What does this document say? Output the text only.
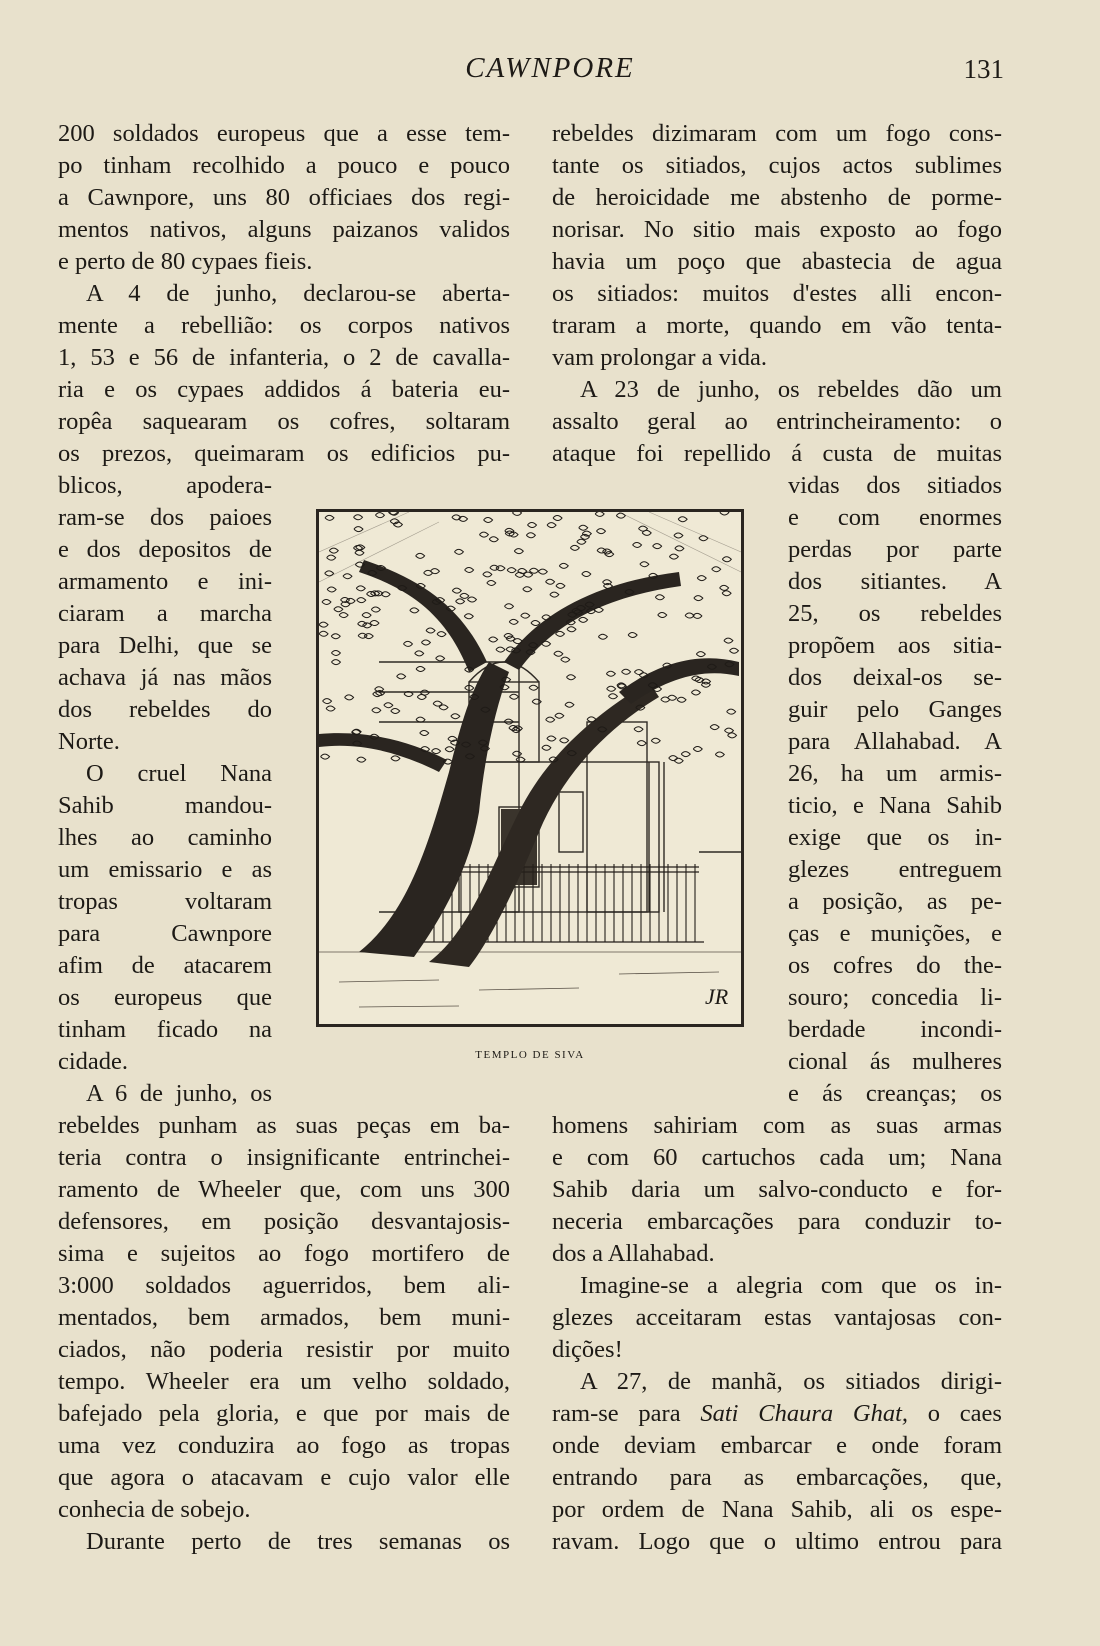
CAWNPORE	131
200 soldados europeus que a esse tem-
po tinham recolhido a pouco e pouco
a Cawnpore, uns 80 officiaes dos regi-
mentos nativos, alguns paizanos validos
e perto de 80 cypaes fieis.
A 4 de junho, declarou-se aberta-
mente a rebellião: os corpos nativos
1, 53 e 56 de infanteria, o 2 de cavalla-
ria e os cypaes addidos á bateria eu-
ropêa saquearam os cofres, soltaram
os prezos, queimaram os edificios pu-
blicos, apodera-
ram-se dos paioes
e dos depositos de
armamento e ini-
ciaram a marcha
para Delhi, que se
achava já nas mãos
dos rebeldes do
Norte.
O cruel Nana
Sahib mandou-
lhes ao caminho
um emissario e as
tropas voltaram
para Cawnpore
afim de atacarem
os europeus que
tinham ficado na
cidade.
A 6 de junho, os
rebeldes punham as suas peças em ba-
teria contra o insignificante entrinchei-
ramento de Wheeler que, com uns 300
defensores, em posição desvantajosis-
sima e sujeitos ao fogo mortifero de
3:000 soldados aguerridos, bem ali-
mentados, bem armados, bem muni-
ciados, não poderia resistir por muito
tempo. Wheeler era um velho soldado,
bafejado pela gloria, e que por mais de
uma vez conduzira ao fogo as tropas
que agora o atacavam e cujo valor elle
conhecia de sobejo.
Durante perto de tres semanas os
rebeldes dizimaram com um fogo cons-
tante os sitiados, cujos actos sublimes
de heroicidade me abstenho de porme-
norisar. No sitio mais exposto ao fogo
havia um poço que abastecia de agua
os sitiados: muitos d'estes alli encon-
traram a morte, quando em vão tenta-
vam prolongar a vida.
A 23 de junho, os rebeldes dão um
assalto geral ao entrincheiramento: o
ataque foi repellido á custa de muitas
vidas dos sitiados
e com enormes
perdas por parte
dos sitiantes. A
25, os rebeldes
propõem aos sitia-
dos deixal-os se-
guir pelo Ganges
para Allahabad. A
26, ha um armis-
ticio, e Nana Sahib
exige que os in-
glezes entreguem
a posição, as pe-
ças e munições, e
os cofres do the-
souro; concedia li-
berdade incondi-
cional ás mulheres
e ás creanças; os
homens sahiriam com as suas armas
e com 60 cartuchos cada um; Nana
Sahib daria um salvo-conducto e for-
neceria embarcações para conduzir to-
dos a Allahabad.
Imagine-se a alegria com que os in-
glezes acceitaram estas vantajosas con-
dições!
A 27, de manhã, os sitiados dirigi-
ram-se para Sati Chaura Ghat, o caes
onde deviam embarcar e onde foram
entrando para as embarcações, que,
por ordem de Nana Sahib, ali os espe-
ravam. Logo que o ultimo entrou para
JR
TEMPLO DE SIVA
